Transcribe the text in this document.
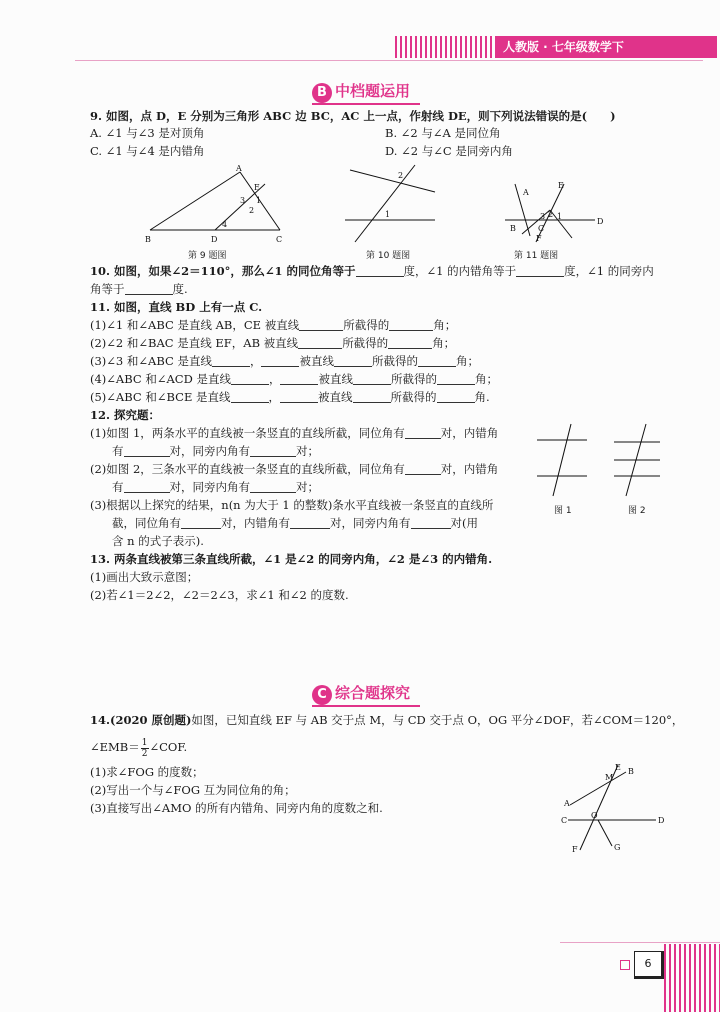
人教版 · 七年级数学下
B 中档题运用
9. 如图，点 D，E 分别为三角形 ABC 边 BC，AC 上一点，作射线 DE，则下列说法错误的是(　　)
A. ∠1 与∠3 是对顶角	B. ∠2 与∠A 是同位角
C. ∠1 与∠4 是内错角	D. ∠2 与∠C 是同旁内角
A
E
B	D	C
3 1
2
4
第 9 题图
2
1
第 10 题图
A
E
B	C
D
F
3 2 1
第 11 题图
10. 如图，如果∠2＝110°，那么∠1 的同位角等于	度，∠1 的内错角等于	度，∠1 的同旁内
角等于	度.
11. 如图，直线 BD 上有一点 C.
(1)∠1 和∠ABC 是直线 AB，CE 被直线	所截得的	角；
(2)∠2 和∠BAC 是直线 EF，AB 被直线	所截得的	角；
(3)∠3 和∠ABC 是直线	，	被直线	所截得的	角；
(4)∠ABC 和∠ACD 是直线	，	被直线	所截得的	角；
(5)∠ABC 和∠BCE 是直线	，	被直线	所截得的	角.
12. 探究题：
(1)如图 1，两条水平的直线被一条竖直的直线所截，同位角有	对，内错角
有	对，同旁内角有	对；
(2)如图 2，三条水平的直线被一条竖直的直线所截，同位角有	对，内错角
有	对，同旁内角有	对；
(3)根据以上探究的结果，n(n 为大于 1 的整数)条水平直线被一条竖直的直线所
截，同位角有	对，内错角有	对，同旁内角有	对(用
含 n 的式子表示).
图 1	图 2
13. 两条直线被第三条直线所截，∠1 是∠2 的同旁内角，∠2 是∠3 的内错角.
(1)画出大致示意图；
(2)若∠1＝2∠2，∠2＝2∠3，求∠1 和∠2 的度数.
C 综合题探究
14.(2020 原创题)如图，已知直线 EF 与 AB 交于点 M，与 CD 交于点 O，OG 平分∠DOF，若∠COM＝120°，
∠EMB＝ $\frac{1}{2}$ ∠COF.
(1)求∠FOG 的度数；
(2)写出一个与∠FOG 互为同位角的角；
(3)直接写出∠AMO 的所有内错角、同旁内角的度数之和.
E B
M
A
C
O
D
F	G
6
